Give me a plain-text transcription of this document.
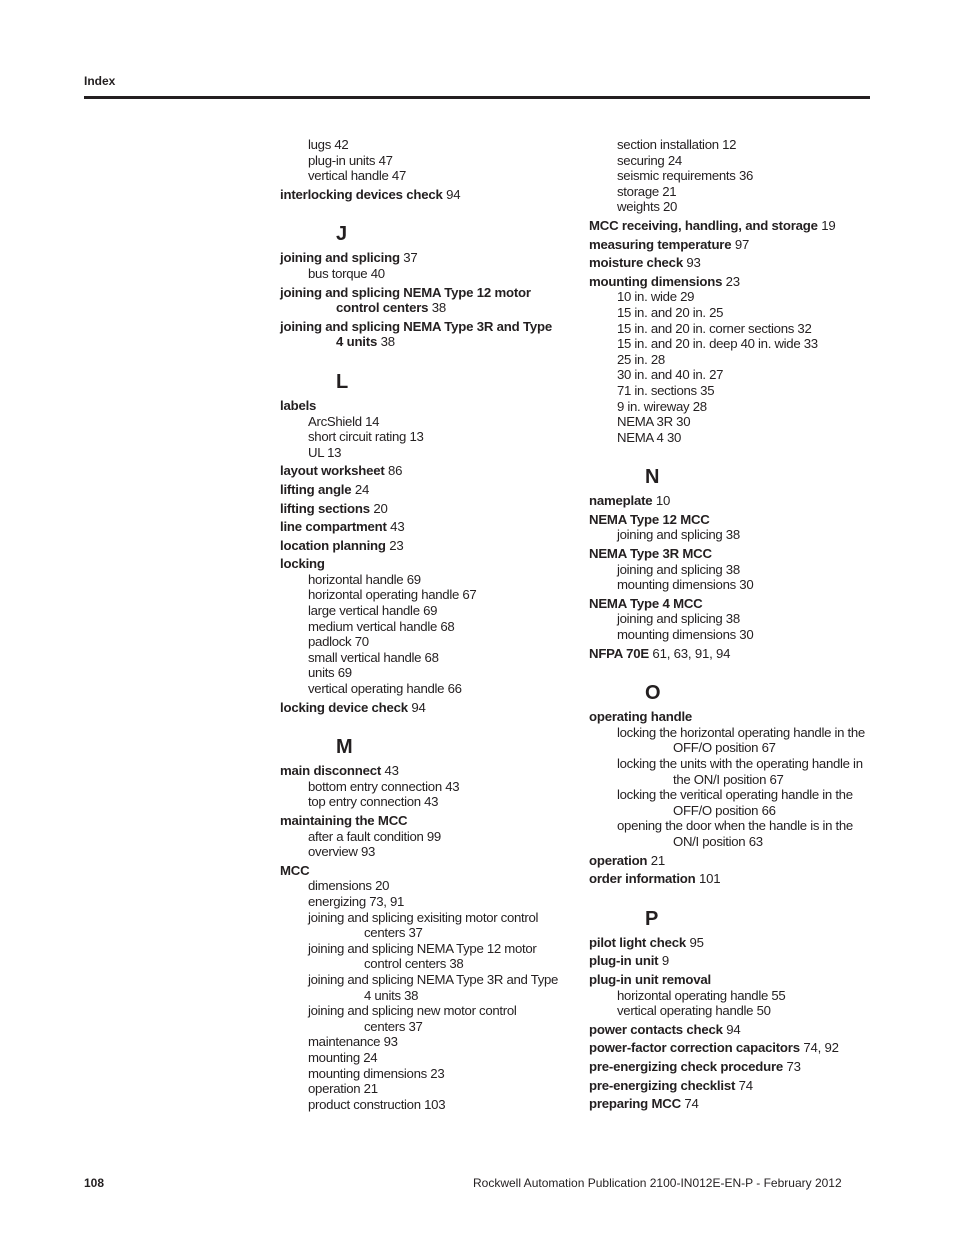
Index
lugs 42
plug-in units 47
vertical handle 47
interlocking devices check 94
J
joining and splicing 37
bus torque 40
joining and splicing NEMA Type 12 motor
control centers 38
joining and splicing NEMA Type 3R and Type
4 units 38
L
labels
ArcShield 14
short circuit rating 13
UL 13
layout worksheet 86
lifting angle 24
lifting sections 20
line compartment 43
location planning 23
locking
horizontal handle 69
horizontal operating handle 67
large vertical handle 69
medium vertical handle 68
padlock 70
small vertical handle 68
units 69
vertical operating handle 66
locking device check 94
M
main disconnect 43
bottom entry connection 43
top entry connection 43
maintaining the MCC
after a fault condition 99
overview 93
MCC
dimensions 20
energizing 73, 91
joining and splicing exisiting motor control
centers 37
joining and splicing NEMA Type 12 motor
control centers 38
joining and splicing NEMA Type 3R and Type
4 units 38
joining and splicing new motor control
centers 37
maintenance 93
mounting 24
mounting dimensions 23
operation 21
product construction 103
section installation 12
securing 24
seismic requirements 36
storage 21
weights 20
MCC receiving, handling, and storage 19
measuring temperature 97
moisture check 93
mounting dimensions 23
10 in. wide 29
15 in. and 20 in. 25
15 in. and 20 in. corner sections 32
15 in. and 20 in. deep 40 in. wide 33
25 in. 28
30 in. and 40 in. 27
71 in. sections 35
9 in. wireway 28
NEMA 3R 30
NEMA 4 30
N
nameplate 10
NEMA Type 12 MCC
joining and splicing 38
NEMA Type 3R MCC
joining and splicing 38
mounting dimensions 30
NEMA Type 4 MCC
joining and splicing 38
mounting dimensions 30
NFPA 70E 61, 63, 91, 94
O
operating handle
locking the horizontal operating handle in the
OFF/O position 67
locking the units with the operating handle in
the ON/I position 67
locking the veritical operating handle in the
OFF/O position 66
opening the door when the handle is in the
ON/I position 63
operation 21
order information 101
P
pilot light check 95
plug-in unit 9
plug-in unit removal
horizontal operating handle 55
vertical operating handle 50
power contacts check 94
power-factor correction capacitors 74, 92
pre-energizing check procedure 73
pre-energizing checklist 74
preparing MCC 74
108	Rockwell Automation Publication 2100-IN012E-EN-P - February 2012
